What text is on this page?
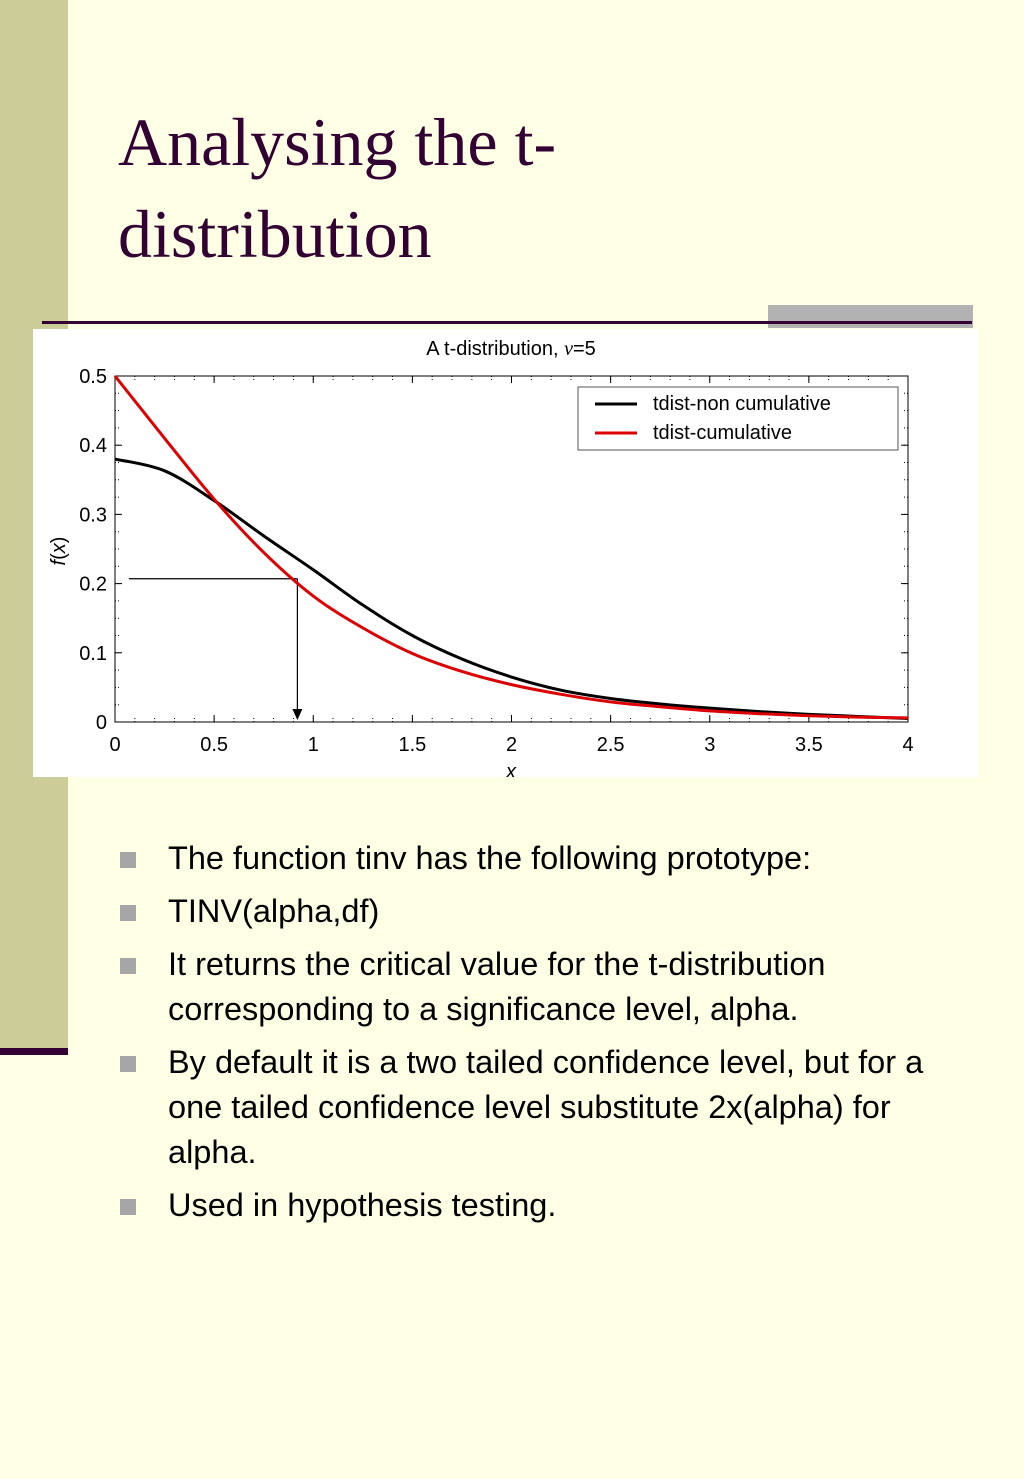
Analysing the t-
distribution
A t-distribution, ν=5
0	0.5	1	1.5	2	2.5	3	3.5	4
0
0.1
0.2
0.3
0.4
0.5
x
f(x)
tdist-non cumulative
tdist-cumulative
The function tinv has the following prototype:
TINV(alpha,df)
It returns the critical value for the t-distribution corresponding to a significance level, alpha.
By default it is a two tailed confidence level, but for a one tailed confidence level substitute 2x(alpha) for alpha.
Used in hypothesis testing.
